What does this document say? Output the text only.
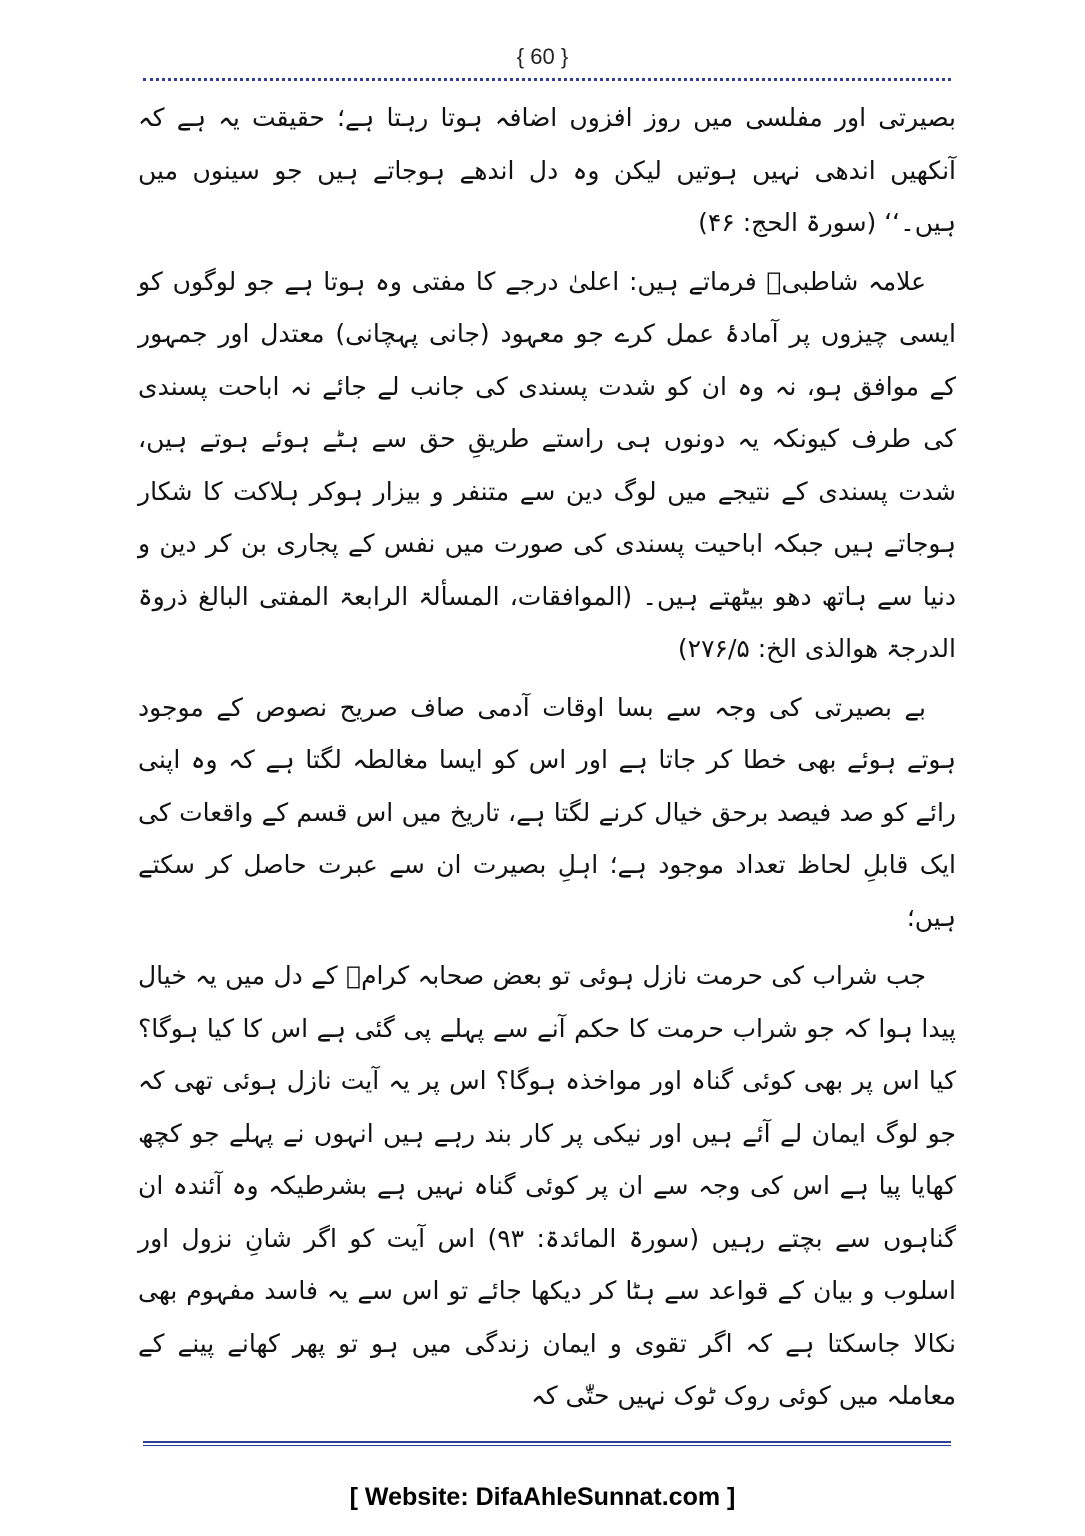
{ 60 }

بصیرتی اور مفلسی میں روز افزوں اضافہ ہوتا رہتا ہے؛ حقیقت یہ ہے کہ آنکھیں اندھی نہیں ہوتیں لیکن وہ دل اندھے ہوجاتے ہیں جو سینوں میں ہیں۔‘‘ (سورۃ الحج: ۴۶)

علامہ شاطبیؒ فرماتے ہیں: اعلیٰ درجے کا مفتی وہ ہوتا ہے جو لوگوں کو ایسی چیزوں پر آمادۂ عمل کرے جو معہود (جانی پہچانی) معتدل اور جمہور کے موافق ہو، نہ وہ ان کو شدت پسندی کی جانب لے جائے نہ اباحت پسندی کی طرف کیونکہ یہ دونوں ہی راستے طریقِ حق سے ہٹے ہوئے ہوتے ہیں، شدت پسندی کے نتیجے میں لوگ دین سے متنفر و بیزار ہوکر ہلاکت کا شکار ہوجاتے ہیں جبکہ اباحیت پسندی کی صورت میں نفس کے پجاری بن کر دین و دنیا سے ہاتھ دھو بیٹھتے ہیں۔ (الموافقات، المسألۃ الرابعۃ المفتی البالغ ذروۃ الدرجۃ ھوالذی الخ: ۲۷۶/۵)

بے بصیرتی کی وجہ سے بسا اوقات آدمی صاف صریح نصوص کے موجود ہوتے ہوئے بھی خطا کر جاتا ہے اور اس کو ایسا مغالطہ لگتا ہے کہ وہ اپنی رائے کو صد فیصد برحق خیال کرنے لگتا ہے، تاریخ میں اس قسم کے واقعات کی ایک قابلِ لحاظ تعداد موجود ہے؛ اہلِ بصیرت ان سے عبرت حاصل کر سکتے ہیں؛

جب شراب کی حرمت نازل ہوئی تو بعض صحابہ کرامؓ کے دل میں یہ خیال پیدا ہوا کہ جو شراب حرمت کا حکم آنے سے پہلے پی گئی ہے اس کا کیا ہوگا؟ کیا اس پر بھی کوئی گناہ اور مواخذہ ہوگا؟ اس پر یہ آیت نازل ہوئی تھی کہ جو لوگ ایمان لے آئے ہیں اور نیکی پر کار بند رہے ہیں انہوں نے پہلے جو کچھ کھایا پیا ہے اس کی وجہ سے ان پر کوئی گناہ نہیں ہے بشرطیکہ وہ آئندہ ان گناہوں سے بچتے رہیں (سورۃ المائدۃ: ۹۳) اس آیت کو اگر شانِ نزول اور اسلوب و بیان کے قواعد سے ہٹا کر دیکھا جائے تو اس سے یہ فاسد مفہوم بھی نکالا جاسکتا ہے کہ اگر تقوی و ایمان زندگی میں ہو تو پھر کھانے پینے کے معاملہ میں کوئی روک ٹوک نہیں حتّٰی کہ

[ Website: DifaAhleSunnat.com ]
